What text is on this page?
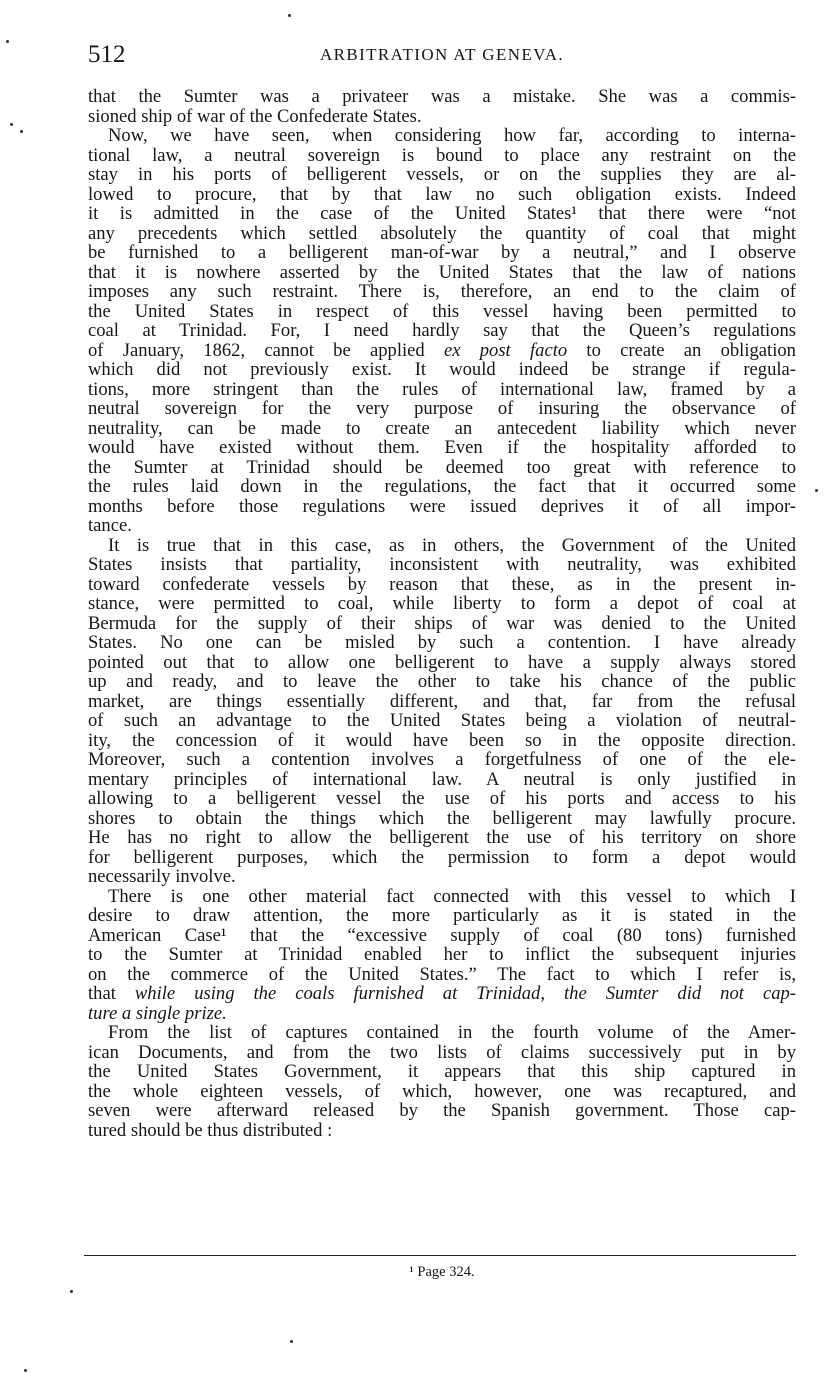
512	ARBITRATION AT GENEVA.
that the Sumter was a privateer was a mistake. She was a commis-
sioned ship of war of the Confederate States.
Now, we have seen, when considering how far, according to interna-
tional law, a neutral sovereign is bound to place any restraint on the
stay in his ports of belligerent vessels, or on the supplies they are al-
lowed to procure, that by that law no such obligation exists. Indeed
it is admitted in the case of the United States¹ that there were “not
any precedents which settled absolutely the quantity of coal that might
be furnished to a belligerent man-of-war by a neutral,” and I observe
that it is nowhere asserted by the United States that the law of nations
imposes any such restraint. There is, therefore, an end to the claim of
the United States in respect of this vessel having been permitted to
coal at Trinidad. For, I need hardly say that the Queen’s regulations
of January, 1862, cannot be applied ex post facto to create an obligation
which did not previously exist. It would indeed be strange if regula-
tions, more stringent than the rules of international law, framed by a
neutral sovereign for the very purpose of insuring the observance of
neutrality, can be made to create an antecedent liability which never
would have existed without them. Even if the hospitality afforded to
the Sumter at Trinidad should be deemed too great with reference to
the rules laid down in the regulations, the fact that it occurred some
months before those regulations were issued deprives it of all impor-
tance.
It is true that in this case, as in others, the Government of the United
States insists that partiality, inconsistent with neutrality, was exhibited
toward confederate vessels by reason that these, as in the present in-
stance, were permitted to coal, while liberty to form a depot of coal at
Bermuda for the supply of their ships of war was denied to the United
States. No one can be misled by such a contention. I have already
pointed out that to allow one belligerent to have a supply always stored
up and ready, and to leave the other to take his chance of the public
market, are things essentially different, and that, far from the refusal
of such an advantage to the United States being a violation of neutral-
ity, the concession of it would have been so in the opposite direction.
Moreover, such a contention involves a forgetfulness of one of the ele-
mentary principles of international law. A neutral is only justified in
allowing to a belligerent vessel the use of his ports and access to his
shores to obtain the things which the belligerent may lawfully procure.
He has no right to allow the belligerent the use of his territory on shore
for belligerent purposes, which the permission to form a depot would
necessarily involve.
There is one other material fact connected with this vessel to which I
desire to draw attention, the more particularly as it is stated in the
American Case¹ that the “excessive supply of coal (80 tons) furnished
to the Sumter at Trinidad enabled her to inflict the subsequent injuries
on the commerce of the United States.” The fact to which I refer is,
that while using the coals furnished at Trinidad, the Sumter did not cap-
ture a single prize.
From the list of captures contained in the fourth volume of the Amer-
ican Documents, and from the two lists of claims successively put in by
the United States Government, it appears that this ship captured in
the whole eighteen vessels, of which, however, one was recaptured, and
seven were afterward released by the Spanish government. Those cap-
tured should be thus distributed :
¹ Page 324.
